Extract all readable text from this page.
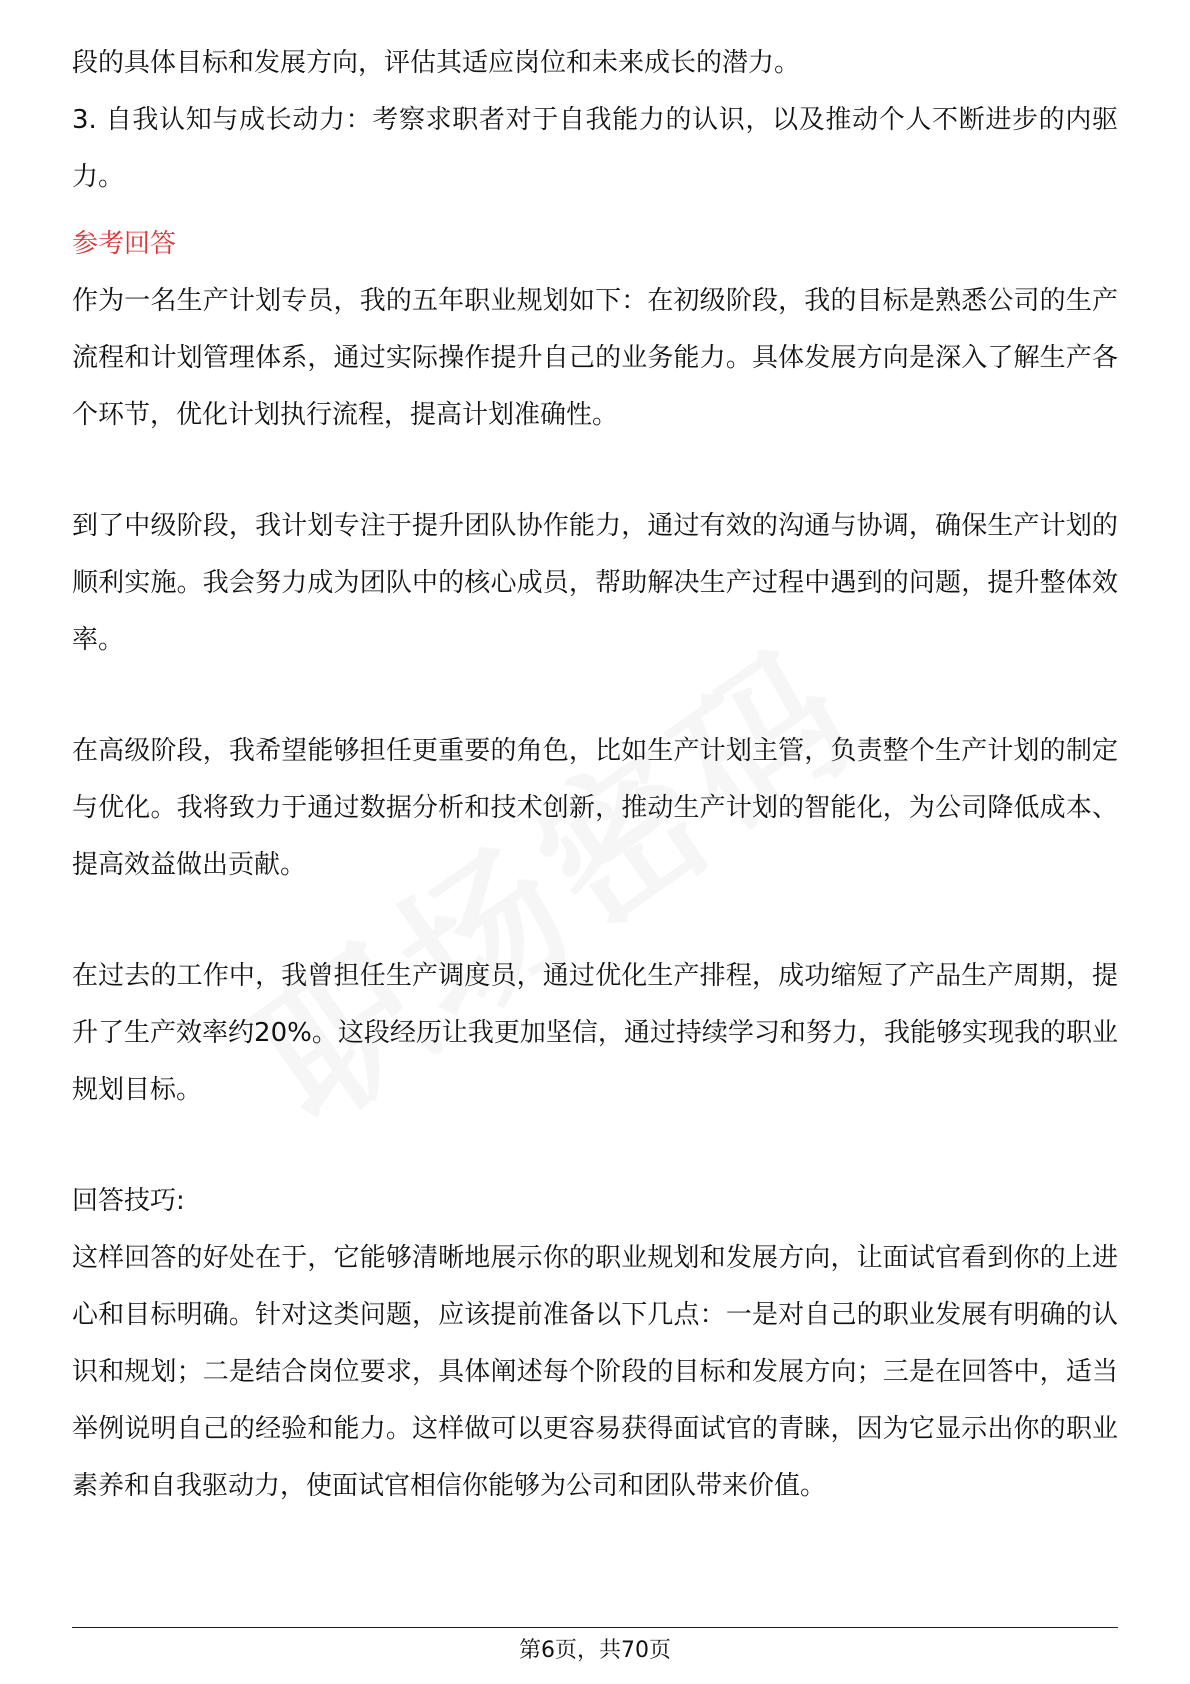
段的具体目标和发展方向，评估其适应岗位和未来成长的潜力。

3. 自我认知与成长动力：考察求职者对于自我能力的认识，以及推动个人不断进步的内驱力。

参考回答

作为一名生产计划专员，我的五年职业规划如下：在初级阶段，我的目标是熟悉公司的生产流程和计划管理体系，通过实际操作提升自己的业务能力。具体发展方向是深入了解生产各个环节，优化计划执行流程，提高计划准确性。

到了中级阶段，我计划专注于提升团队协作能力，通过有效的沟通与协调，确保生产计划的顺利实施。我会努力成为团队中的核心成员，帮助解决生产过程中遇到的问题，提升整体效率。

在高级阶段，我希望能够担任更重要的角色，比如生产计划主管，负责整个生产计划的制定与优化。我将致力于通过数据分析和技术创新，推动生产计划的智能化，为公司降低成本、提高效益做出贡献。

在过去的工作中，我曾担任生产调度员，通过优化生产排程，成功缩短了产品生产周期，提升了生产效率约20%。这段经历让我更加坚信，通过持续学习和努力，我能够实现我的职业规划目标。

回答技巧:

这样回答的好处在于，它能够清晰地展示你的职业规划和发展方向，让面试官看到你的上进心和目标明确。针对这类问题，应该提前准备以下几点：一是对自己的职业发展有明确的认识和规划；二是结合岗位要求，具体阐述每个阶段的目标和发展方向；三是在回答中，适当举例说明自己的经验和能力。这样做可以更容易获得面试官的青睐，因为它显示出你的职业素养和自我驱动力，使面试官相信你能够为公司和团队带来价值。

第6页，共70页
